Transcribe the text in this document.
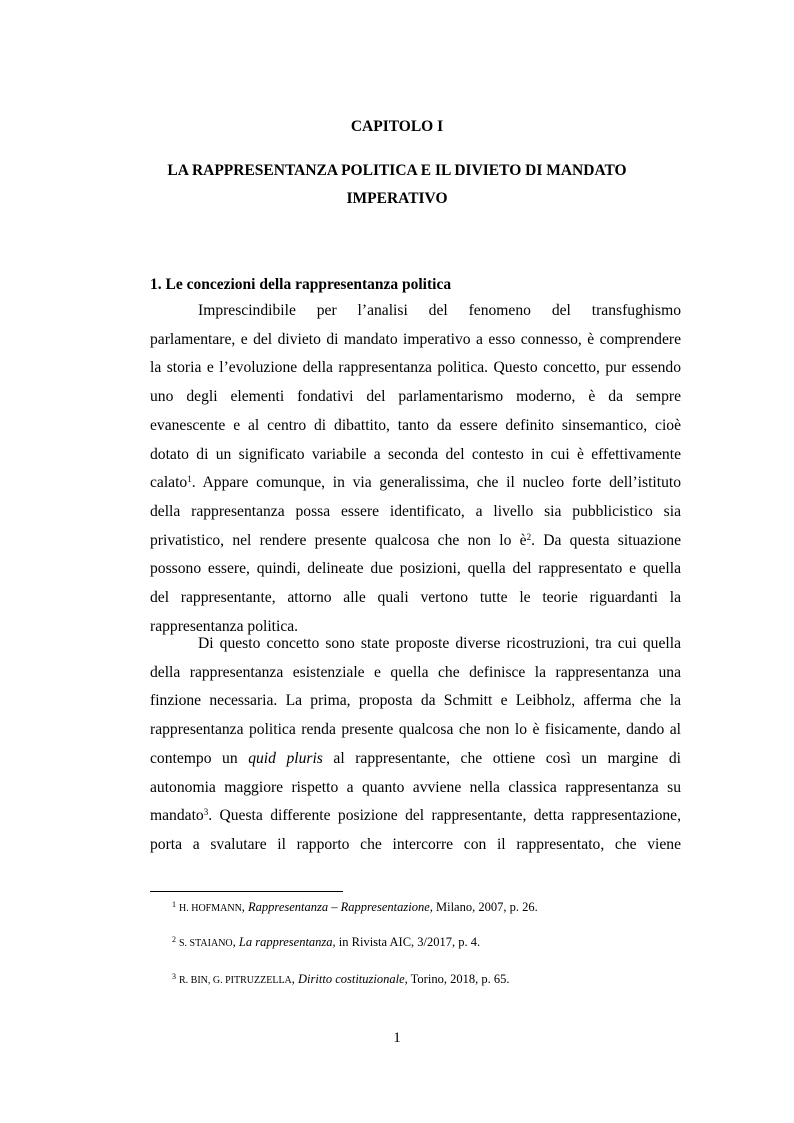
CAPITOLO I
LA RAPPRESENTANZA POLITICA E IL DIVIETO DI MANDATO
IMPERATIVO
1. Le concezioni della rappresentanza politica
Imprescindibile per l’analisi del fenomeno del transfughismo
parlamentare, e del divieto di mandato imperativo a esso connesso, è comprendere
la storia e l’evoluzione della rappresentanza politica. Questo concetto, pur essendo
uno degli elementi fondativi del parlamentarismo moderno, è da sempre
evanescente e al centro di dibattito, tanto da essere definito sinsemantico, cioè
dotato di un significato variabile a seconda del contesto in cui è effettivamente
calato$^1$. Appare comunque, in via generalissima, che il nucleo forte dell’istituto
della rappresentanza possa essere identificato, a livello sia pubblicistico sia
privatistico, nel rendere presente qualcosa che non lo $è^2$. Da questa situazione
possono essere, quindi, delineate due posizioni, quella del rappresentato e quella
del rappresentante, attorno alle quali vertono tutte le teorie riguardanti la
rappresentanza politica.
Di questo concetto sono state proposte diverse ricostruzioni, tra cui quella
della rappresentanza esistenziale e quella che definisce la rappresentanza una
finzione necessaria. La prima, proposta da Schmitt e Leibholz, afferma che la
rappresentanza politica renda presente qualcosa che non lo è fisicamente, dando al
contempo un quid pluris al rappresentante, che ottiene così un margine di
autonomia maggiore rispetto a quanto avviene nella classica rappresentanza su
mandato$^3$. Questa differente posizione del rappresentante, detta rappresentazione,
porta a svalutare il rapporto che intercorre con il rappresentato, che viene
$^1$ H. HOFMANN, Rappresentanza – Rappresentazione, Milano, 2007, p. 26.
$^2$ S. STAIANO, La rappresentanza, in Rivista AIC, 3/2017, p. 4.
$^3$ R. BIN, G. PITRUZZELLA, Diritto costituzionale, Torino, 2018, p. 65.
1
